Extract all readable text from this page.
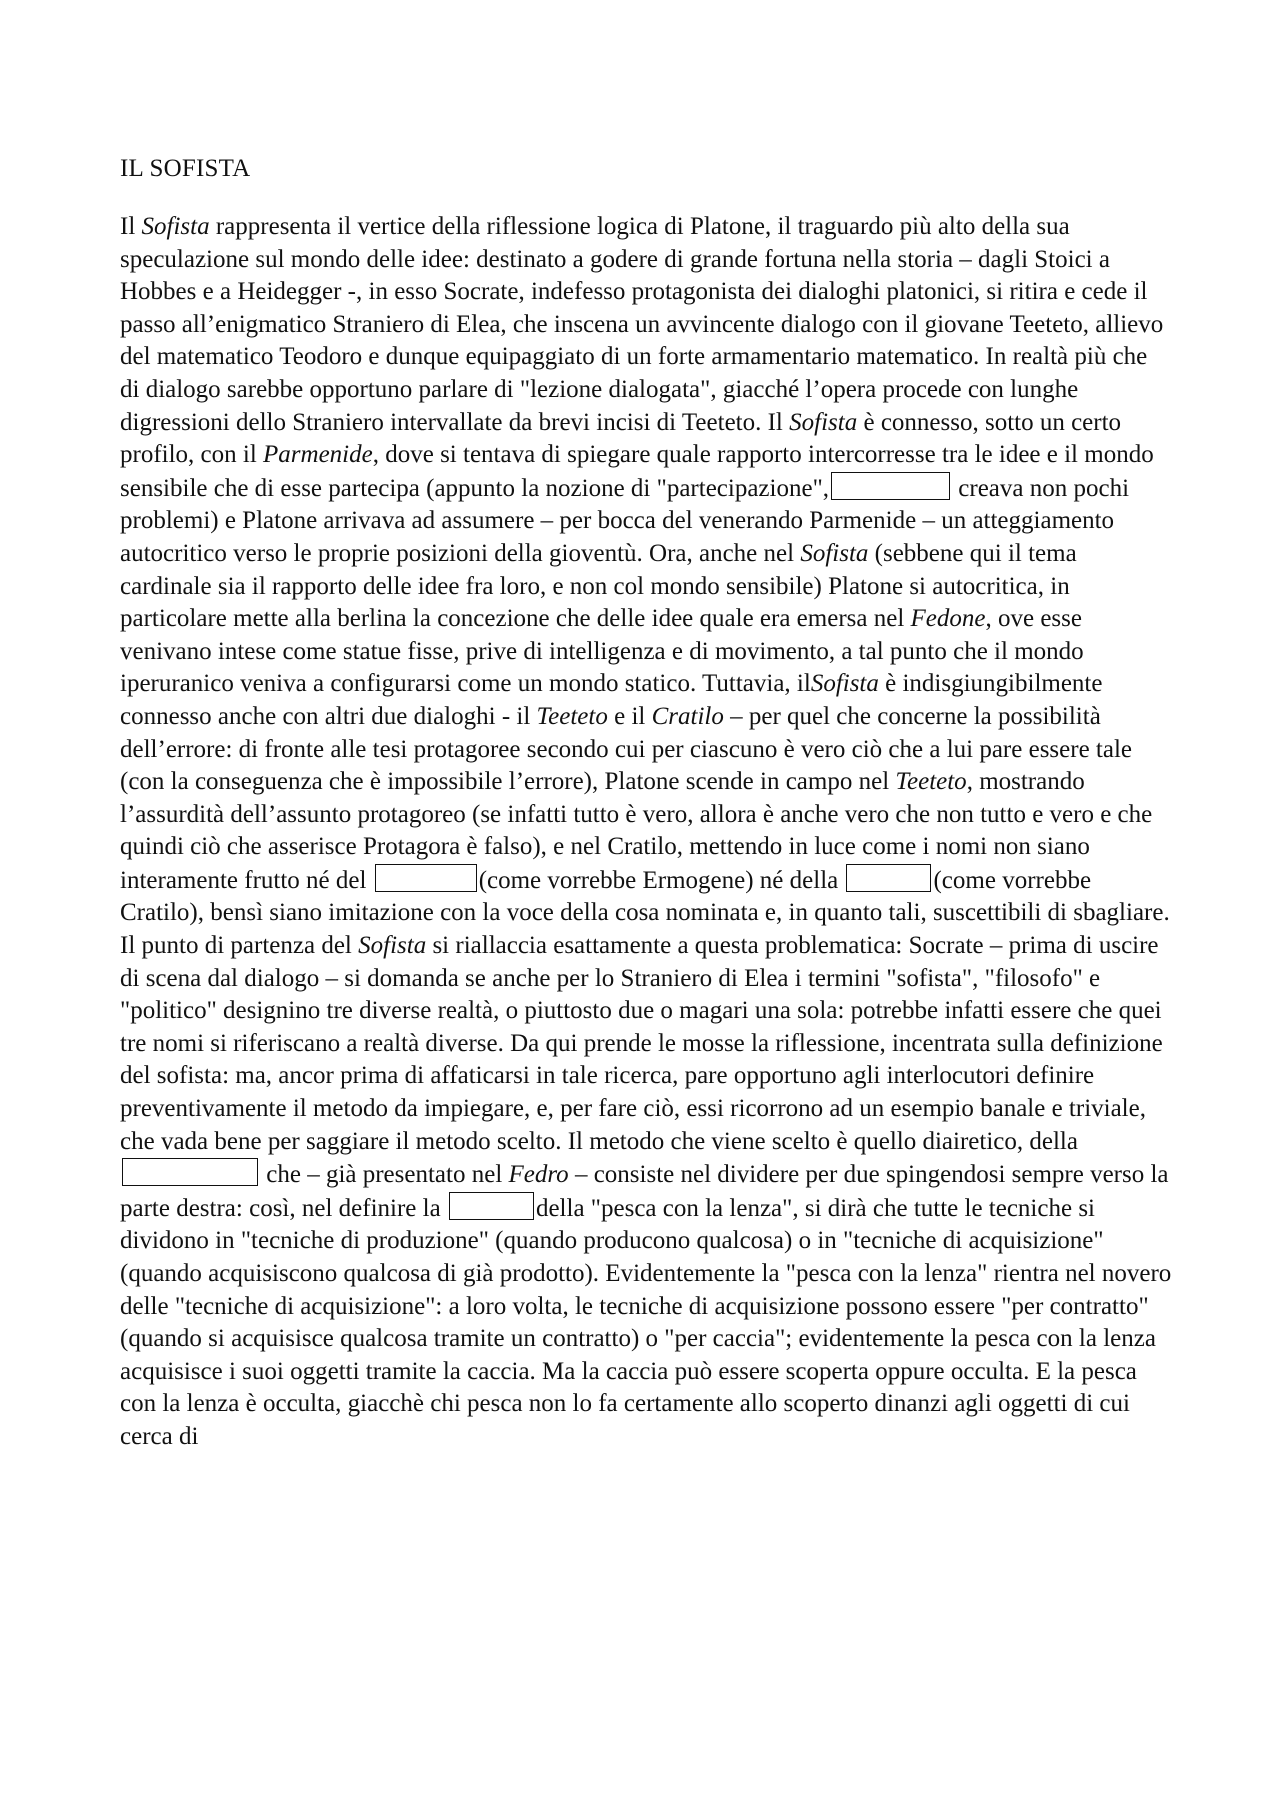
IL SOFISTA

Il Sofista rappresenta il vertice della riflessione logica di Platone, il traguardo più alto della sua speculazione sul mondo delle idee: destinato a godere di grande fortuna nella storia – dagli Stoici a Hobbes e a Heidegger -, in esso Socrate, indefesso protagonista dei dialoghi platonici, si ritira e cede il passo all’enigmatico Straniero di Elea, che inscena un avvincente dialogo con il giovane Teeteto, allievo del matematico Teodoro e dunque equipaggiato di un forte armamentario matematico. In realtà più che di dialogo sarebbe opportuno parlare di "lezione dialogata", giacché l’opera procede con lunghe digressioni dello Straniero intervallate da brevi incisi di Teeteto. Il Sofista è connesso, sotto un certo profilo, con il Parmenide, dove si tentava di spiegare quale rapporto intercorresse tra le idee e il mondo sensibile che di esse partecipa (appunto la nozione di "partecipazione",	creava non pochi problemi) e Platone arrivava ad assumere – per bocca del venerando Parmenide – un atteggiamento autocritico verso le proprie posizioni della gioventù. Ora, anche nel Sofista (sebbene qui il tema cardinale sia il rapporto delle idee fra loro, e non col mondo sensibile) Platone si autocritica, in particolare mette alla berlina la concezione che delle idee quale era emersa nel Fedone, ove esse venivano intese come statue fisse, prive di intelligenza e di movimento, a tal punto che il mondo iperuranico veniva a configurarsi come un mondo statico. Tuttavia, ilSofista è indisgiungibilmente connesso anche con altri due dialoghi - il Teeteto e il Cratilo – per quel che concerne la possibilità dell’errore: di fronte alle tesi protagoree secondo cui per ciascuno è vero ciò che a lui pare essere tale (con la conseguenza che è impossibile l’errore), Platone scende in campo nel Teeteto, mostrando l’assurdità dell’assunto protagoreo (se infatti tutto è vero, allora è anche vero che non tutto e vero e che quindi ciò che asserisce Protagora è falso), e nel Cratilo, mettendo in luce come i nomi non siano interamente frutto né del	(come vorrebbe Ermogene) né della	(come vorrebbe Cratilo), bensì siano imitazione con la voce della cosa nominata e, in quanto tali, suscettibili di sbagliare. Il punto di partenza del Sofista si riallaccia esattamente a questa problematica: Socrate – prima di uscire di scena dal dialogo – si domanda se anche per lo Straniero di Elea i termini "sofista", "filosofo" e "politico" designino tre diverse realtà, o piuttosto due o magari una sola: potrebbe infatti essere che quei tre nomi si riferiscano a realtà diverse. Da qui prende le mosse la riflessione, incentrata sulla definizione del sofista: ma, ancor prima di affaticarsi in tale ricerca, pare opportuno agli interlocutori definire preventivamente il metodo da impiegare, e, per fare ciò, essi ricorrono ad un esempio banale e triviale, che vada bene per saggiare il metodo scelto. Il metodo che viene scelto è quello diairetico, della  che – già presentato nel Fedro – consiste nel dividere per due spingendosi sempre verso la parte destra: così, nel definire la	della "pesca con la lenza", si dirà che tutte le tecniche si dividono in "tecniche di produzione" (quando producono qualcosa) o in "tecniche di acquisizione" (quando acquisiscono qualcosa di già prodotto). Evidentemente la "pesca con la lenza" rientra nel novero delle "tecniche di acquisizione": a loro volta, le tecniche di acquisizione possono essere "per contratto" (quando si acquisisce qualcosa tramite un contratto) o "per caccia"; evidentemente la pesca con la lenza acquisisce i suoi oggetti tramite la caccia. Ma la caccia può essere scoperta oppure occulta. E la pesca con la lenza è occulta, giacchè chi pesca non lo fa certamente allo scoperto dinanzi agli oggetti di cui cerca di
